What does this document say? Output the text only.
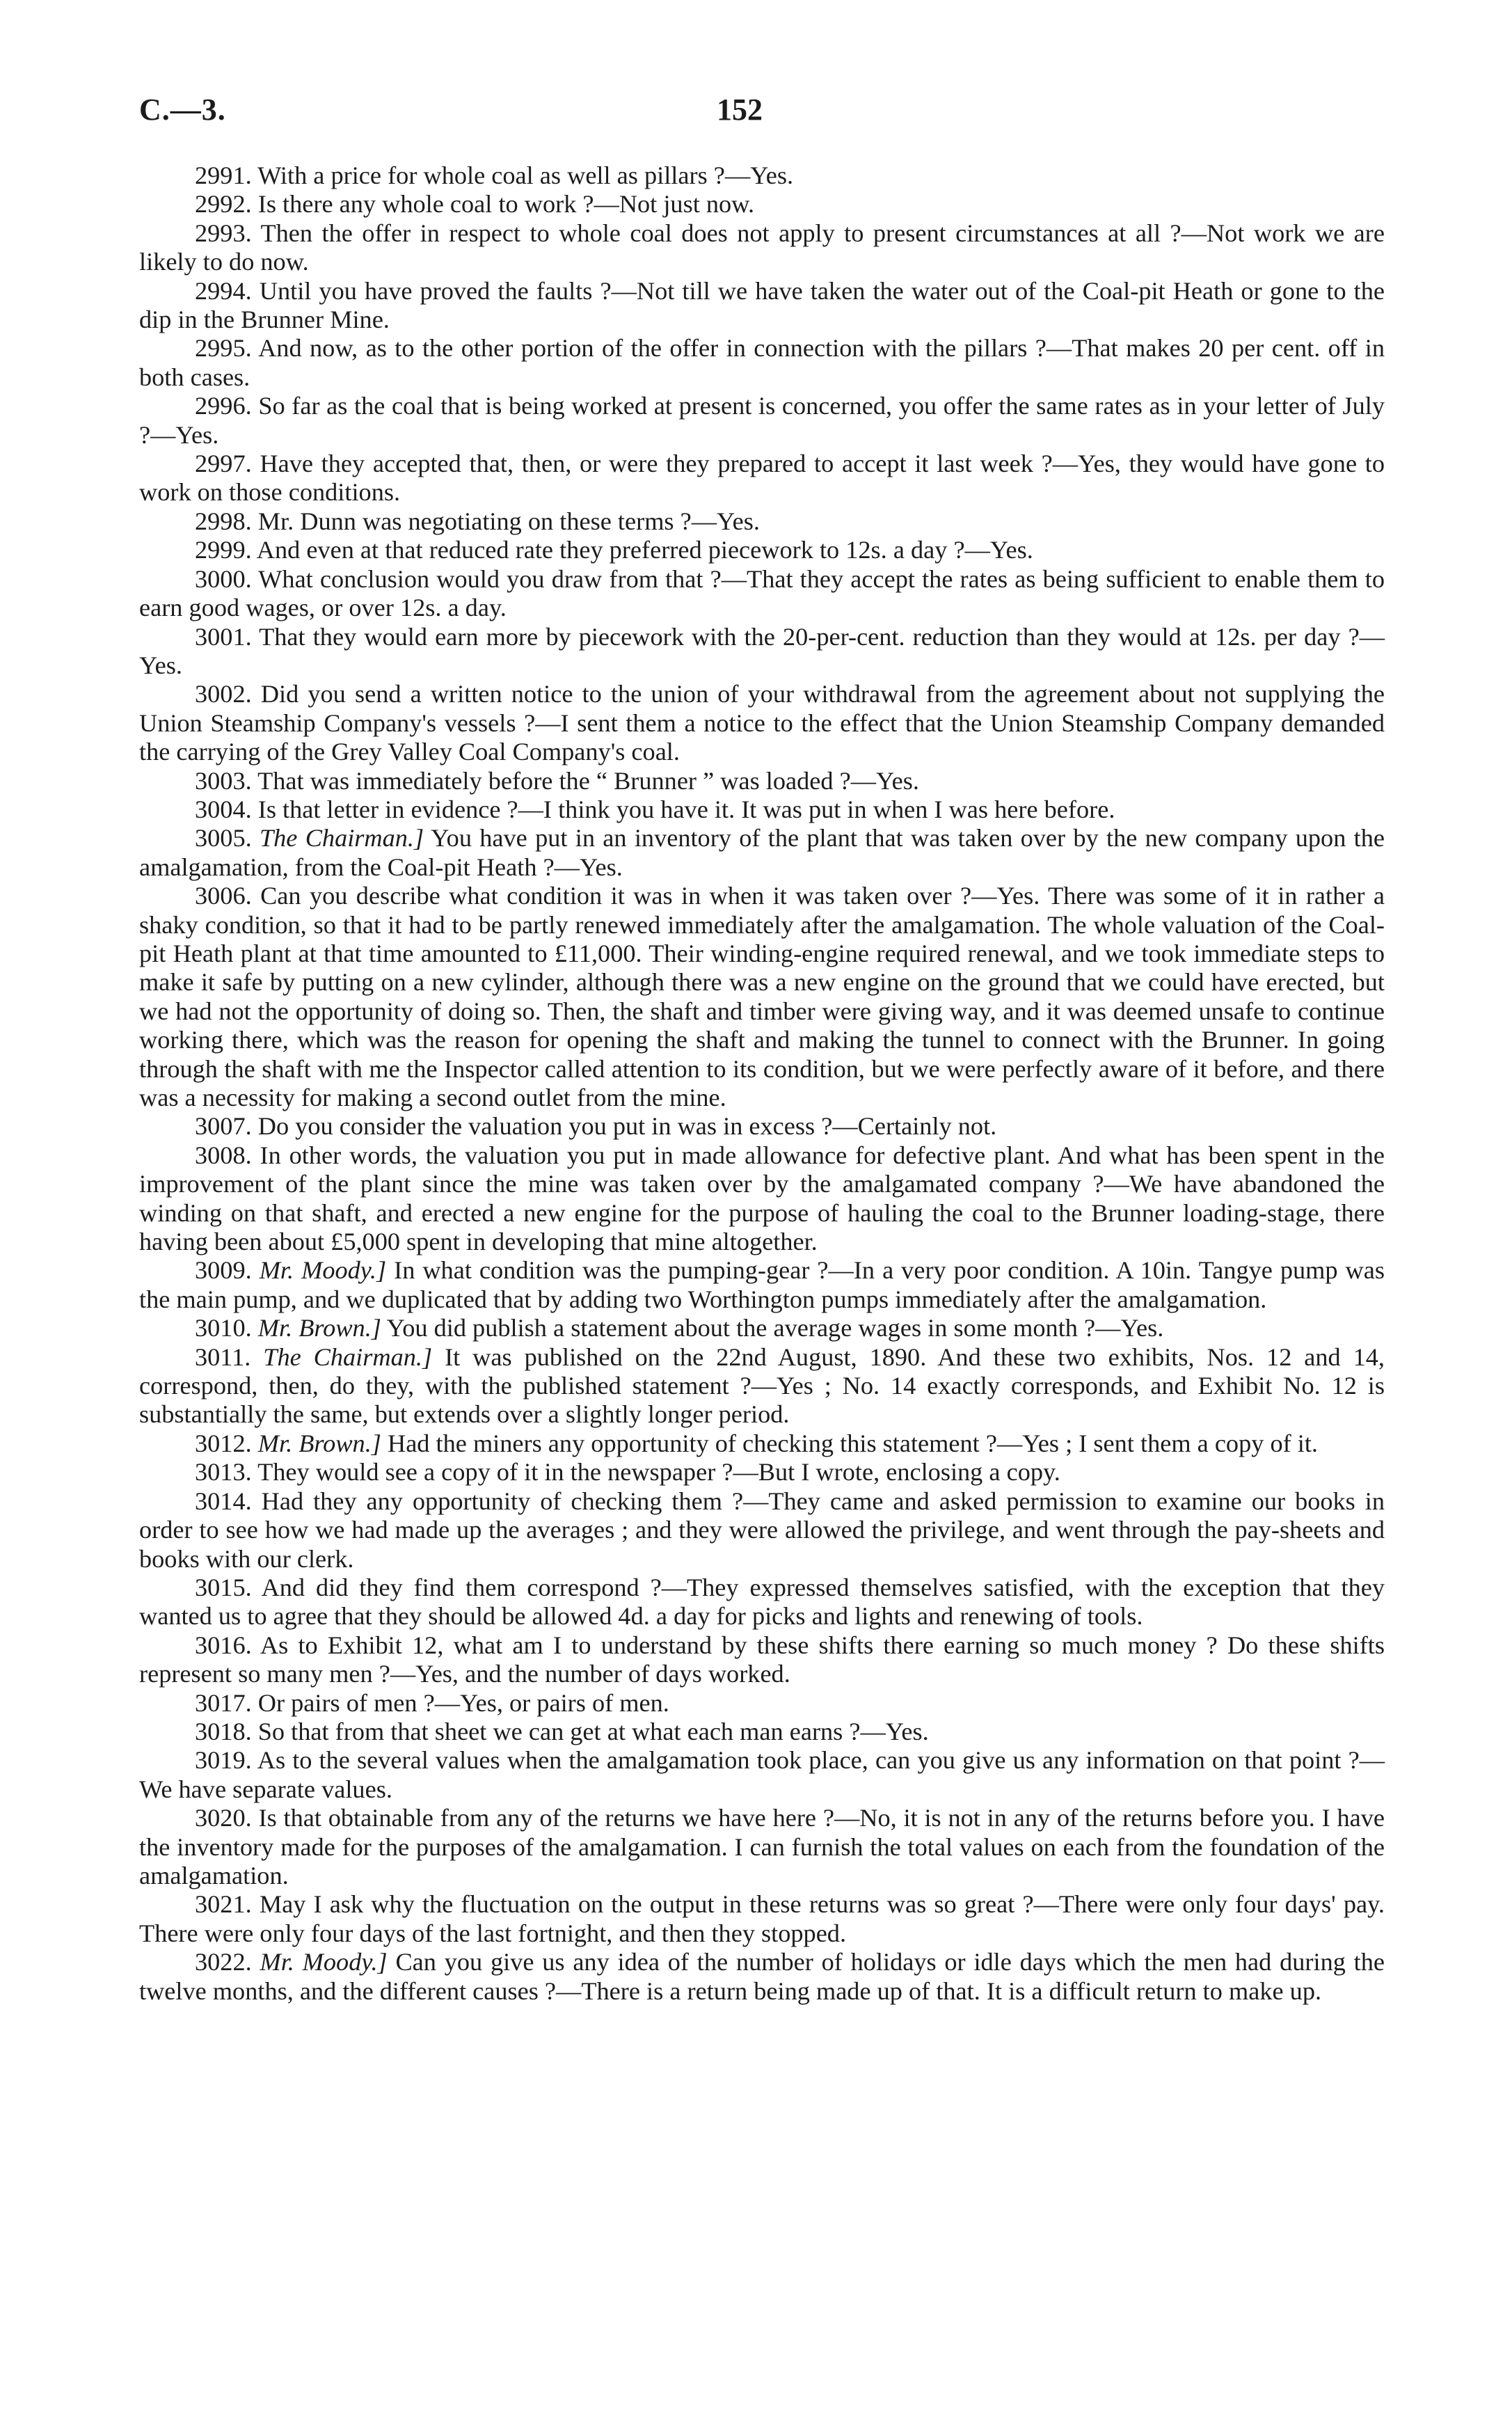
C.—3.	152

2991. With a price for whole coal as well as pillars ?—Yes.

2992. Is there any whole coal to work ?—Not just now.

2993. Then the offer in respect to whole coal does not apply to present circumstances at all ?—Not work we are likely to do now.

2994. Until you have proved the faults ?—Not till we have taken the water out of the Coal-pit Heath or gone to the dip in the Brunner Mine.

2995. And now, as to the other portion of the offer in connection with the pillars ?—That makes 20 per cent. off in both cases.

2996. So far as the coal that is being worked at present is concerned, you offer the same rates as in your letter of July ?—Yes.

2997. Have they accepted that, then, or were they prepared to accept it last week ?—Yes, they would have gone to work on those conditions.

2998. Mr. Dunn was negotiating on these terms ?—Yes.

2999. And even at that reduced rate they preferred piecework to 12s. a day ?—Yes.

3000. What conclusion would you draw from that ?—That they accept the rates as being sufficient to enable them to earn good wages, or over 12s. a day.

3001. That they would earn more by piecework with the 20-per-cent. reduction than they would at 12s. per day ?—Yes.

3002. Did you send a written notice to the union of your withdrawal from the agreement about not supplying the Union Steamship Company's vessels ?—I sent them a notice to the effect that the Union Steamship Company demanded the carrying of the Grey Valley Coal Company's coal.

3003. That was immediately before the “ Brunner ” was loaded ?—Yes.

3004. Is that letter in evidence ?—I think you have it. It was put in when I was here before.

3005. The Chairman.] You have put in an inventory of the plant that was taken over by the new company upon the amalgamation, from the Coal-pit Heath ?—Yes.

3006. Can you describe what condition it was in when it was taken over ?—Yes. There was some of it in rather a shaky condition, so that it had to be partly renewed immediately after the amalgamation. The whole valuation of the Coal-pit Heath plant at that time amounted to £11,000. Their winding-engine required renewal, and we took immediate steps to make it safe by putting on a new cylinder, although there was a new engine on the ground that we could have erected, but we had not the opportunity of doing so. Then, the shaft and timber were giving way, and it was deemed unsafe to continue working there, which was the reason for opening the shaft and making the tunnel to connect with the Brunner. In going through the shaft with me the Inspector called attention to its condition, but we were perfectly aware of it before, and there was a necessity for making a second outlet from the mine.

3007. Do you consider the valuation you put in was in excess ?—Certainly not.

3008. In other words, the valuation you put in made allowance for defective plant. And what has been spent in the improvement of the plant since the mine was taken over by the amalgamated company ?—We have abandoned the winding on that shaft, and erected a new engine for the purpose of hauling the coal to the Brunner loading-stage, there having been about £5,000 spent in developing that mine altogether.

3009. Mr. Moody.] In what condition was the pumping-gear ?—In a very poor condition. A 10in. Tangye pump was the main pump, and we duplicated that by adding two Worthington pumps immediately after the amalgamation.

3010. Mr. Brown.] You did publish a statement about the average wages in some month ?—Yes.

3011. The Chairman.] It was published on the 22nd August, 1890. And these two exhibits, Nos. 12 and 14, correspond, then, do they, with the published statement ?—Yes ; No. 14 exactly corresponds, and Exhibit No. 12 is substantially the same, but extends over a slightly longer period.

3012. Mr. Brown.] Had the miners any opportunity of checking this statement ?—Yes ; I sent them a copy of it.

3013. They would see a copy of it in the newspaper ?—But I wrote, enclosing a copy.

3014. Had they any opportunity of checking them ?—They came and asked permission to examine our books in order to see how we had made up the averages ; and they were allowed the privilege, and went through the pay-sheets and books with our clerk.

3015. And did they find them correspond ?—They expressed themselves satisfied, with the exception that they wanted us to agree that they should be allowed 4d. a day for picks and lights and renewing of tools.

3016. As to Exhibit 12, what am I to understand by these shifts there earning so much money ? Do these shifts represent so many men ?—Yes, and the number of days worked.

3017. Or pairs of men ?—Yes, or pairs of men.

3018. So that from that sheet we can get at what each man earns ?—Yes.

3019. As to the several values when the amalgamation took place, can you give us any information on that point ?—We have separate values.

3020. Is that obtainable from any of the returns we have here ?—No, it is not in any of the returns before you. I have the inventory made for the purposes of the amalgamation. I can furnish the total values on each from the foundation of the amalgamation.

3021. May I ask why the fluctuation on the output in these returns was so great ?—There were only four days' pay. There were only four days of the last fortnight, and then they stopped.

3022. Mr. Moody.] Can you give us any idea of the number of holidays or idle days which the men had during the twelve months, and the different causes ?—There is a return being made up of that. It is a difficult return to make up.
